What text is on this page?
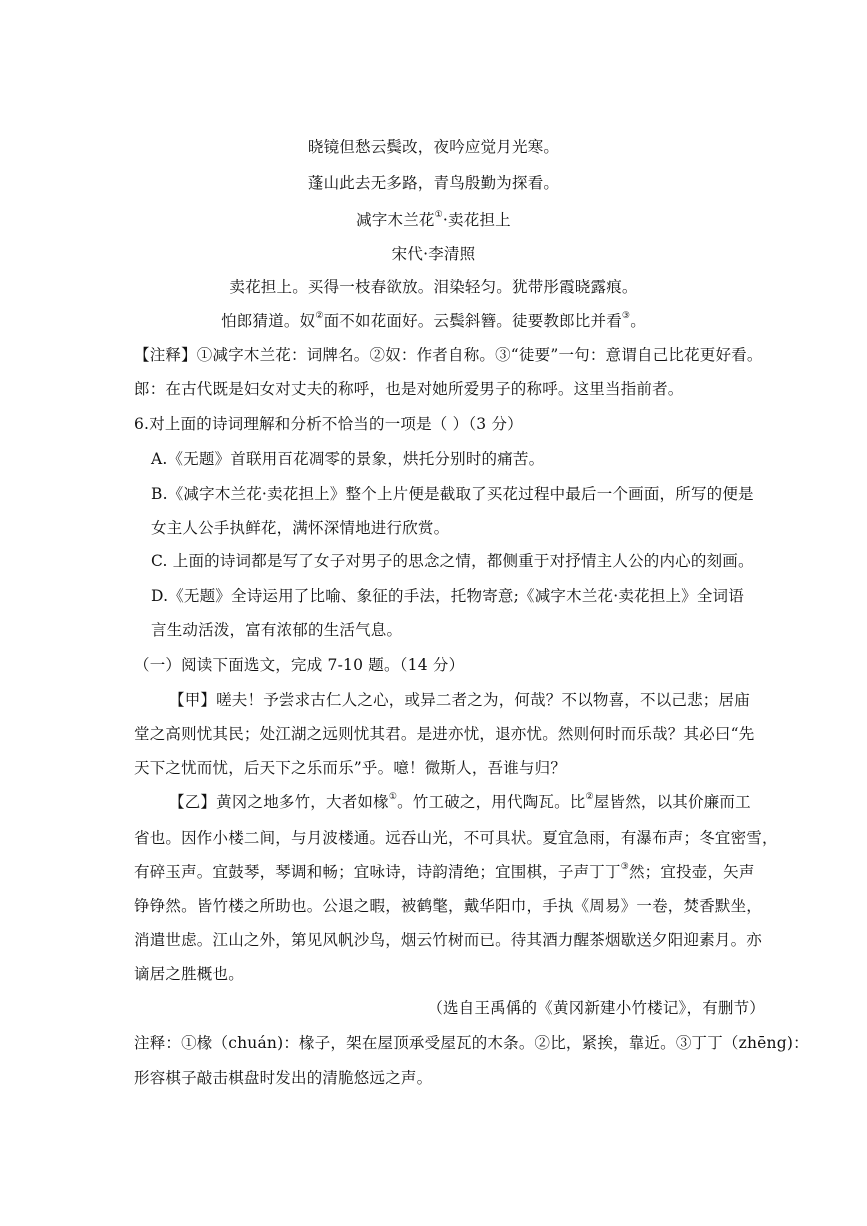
晓镜但愁云鬓改，夜吟应觉月光寒。
蓬山此去无多路，青鸟殷勤为探看。
减字木兰花①·卖花担上
宋代·李清照
卖花担上。买得一枝春欲放。泪染轻匀。犹带彤霞晓露痕。
怕郎猜道。奴②面不如花面好。云鬓斜簪。徒要教郎比并看③。
【注释】①减字木兰花：词牌名。②奴：作者自称。③“徒要”一句：意谓自己比花更好看。
郎：在古代既是妇女对丈夫的称呼，也是对她所爱男子的称呼。这里当指前者。
6.对上面的诗词理解和分析不恰当的一项是（ ）（3 分）
A.《无题》首联用百花凋零的景象，烘托分别时的痛苦。
B.《减字木兰花·卖花担上》整个上片便是截取了买花过程中最后一个画面，所写的便是
女主人公手执鲜花，满怀深情地进行欣赏。
C. 上面的诗词都是写了女子对男子的思念之情，都侧重于对抒情主人公的内心的刻画。
D.《无题》全诗运用了比喻、象征的手法，托物寄意;《减字木兰花·卖花担上》全词语
言生动活泼，富有浓郁的生活气息。
（一）阅读下面选文，完成 7-10 题。（14 分）
【甲】嗟夫！予尝求古仁人之心，或异二者之为，何哉？不以物喜，不以己悲；居庙
堂之高则忧其民；处江湖之远则忧其君。是进亦忧，退亦忧。然则何时而乐哉？其必曰“先
天下之忧而忧，后天下之乐而乐”乎。噫！微斯人，吾谁与归？
【乙】黄冈之地多竹，大者如椽①。竹工破之，用代陶瓦。比②屋皆然，以其价廉而工
省也。因作小楼二间，与月波楼通。远吞山光，不可具状。夏宜急雨，有瀑布声；冬宜密雪，
有碎玉声。宜鼓琴，琴调和畅；宜咏诗，诗韵清绝；宜围棋，子声丁丁③然；宜投壶，矢声
铮铮然。皆竹楼之所助也。公退之暇，被鹤氅，戴华阳巾，手执《周易》一卷，焚香默坐，
消遣世虑。江山之外，第见风帆沙鸟，烟云竹树而已。待其酒力醒茶烟歇送夕阳迎素月。亦
谪居之胜概也。
（选自王禹偁的《黄冈新建小竹楼记》，有删节）
注释：①椽（chuán)：椽子，架在屋顶承受屋瓦的木条。②比，紧挨，靠近。③丁丁（zhēng)：
形容棋子敲击棋盘时发出的清脆悠远之声。
